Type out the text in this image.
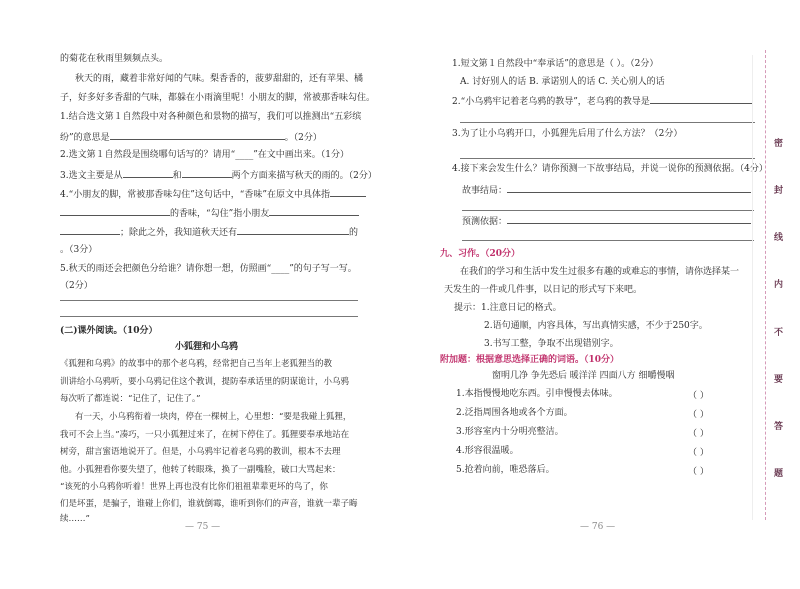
的菊花在秋雨里频频点头。
秋天的雨，藏着非常好闻的气味。梨香香的，菠萝甜甜的，还有苹果、橘
子，好多好多香甜的气味，都躲在小雨滴里呢！小朋友的脚，常被那香味勾住。
1.结合选文第１自然段中对各种颜色和景物的描写，我们可以推测出“五彩缤
纷”的意思是	。（2分）
2.选文第１自然段是围绕哪句话写的？请用“____”在文中画出来。（1分）
3.选文主要是从	和	两个方面来描写秋天的雨的。（2分）
4.“小朋友的脚，常被那香味勾住”这句话中，“香味”在原文中具体指
的香味，“勾住”指小朋友
；除此之外，我知道秋天还有	的
。（3分）
5.秋天的雨还会把颜色分给谁？请你想一想，仿照画“____”的句子写一写。
（2分）
(二)课外阅读。（10分）
小狐狸和小乌鸦
《狐狸和乌鸦》的故事中的那个老乌鸦，经常把自己当年上老狐狸当的教
训讲给小乌鸦听，要小乌鸦记住这个教训，提防奉承话里的阴谋诡计，小乌鸦
每次听了都连说：“记住了，记住了。”
有一天，小乌鸦衔着一块肉，停在一棵树上，心里想：“要是我碰上狐狸，
我可不会上当。”凑巧，一只小狐狸过来了，在树下停住了。狐狸要奉承地站在
树旁，甜言蜜语地说开了。但是，小乌鸦牢记着老乌鸦的教训，根本不去理
他。小狐狸看你要失望了，他转了转眼珠，换了一副嘴脸，破口大骂起来：
“该死的小乌鸦你听着！世界上再也没有比你们祖祖辈辈更坏的鸟了，你
们是坏蛋，是骗子，谁碰上你们，谁就倒霉，谁听到你们的声音，谁就一辈子晦
续……”
— 75 —
1.短文第１自然段中“奉承话”的意思是（ ）。（2分）
A. 讨好别人的话 B. 承诺别人的话 C. 关心别人的话
2.“小乌鸦牢记着老乌鸦的教导”，老乌鸦的教导是
3.为了让小乌鸦开口，小狐狸先后用了什么方法？（2分）
4.接下来会发生什么？请你预测一下故事结局，并说一说你的预测依据。（4分）
故事结局：
预测依据：
九、习作。（20分）
在我们的学习和生活中发生过很多有趣的或难忘的事情，请你选择某一
天发生的一件或几件事，以日记的形式写下来吧。
提示：1.注意日记的格式。
2.语句通顺，内容具体，写出真情实感，不少于250字。
3.书写工整，争取不出现错别字。
附加题：根据意思选择正确的词语。（10分）
窗明几净 争先恐后 暖洋洋 四面八方 细嚼慢咽
1.本指慢慢地吃东西。引申慢慢去体味。	（ ）
2.泛指周围各地或各个方面。	（ ）
3.形容室内十分明亮整洁。	（ ）
4.形容很温暖。	（ ）
5.抢着向前，唯恐落后。	（ ）
— 76 —
密
封
线
内
不
要
答
题
